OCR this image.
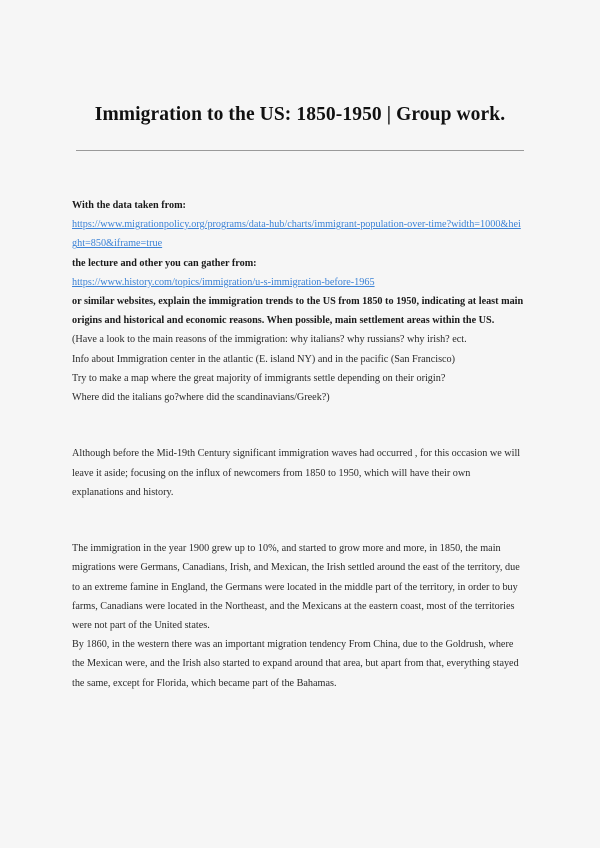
Immigration to the US: 1850-1950 | Group work.

With the data taken from:

https://www.migrationpolicy.org/programs/data-hub/charts/immigrant-population-over-time?width=1000&height=850&iframe=true

the lecture and other you can gather from:

https://www.history.com/topics/immigration/u-s-immigration-before-1965

or similar websites, explain the immigration trends to the US from 1850 to 1950, indicating at least main origins and historical and economic reasons. When possible, main settlement areas within the US.

(Have a look to the main reasons of the immigration: why italians? why russians? why irish? ect.

Info about Immigration center in the atlantic (E. island NY) and in the pacific (San Francisco)

Try to make a map where the great majority of immigrants settle depending on their origin?

Where did the italians go?where did the scandinavians/Greek?)

Although before the Mid-19th Century significant immigration waves had occurred , for this occasion we will leave it aside; focusing on the influx of newcomers from 1850 to 1950, which will have their own explanations and history.

The immigration in the year 1900 grew up to 10%, and started to grow more and more, in 1850, the main migrations were Germans, Canadians, Irish, and Mexican, the Irish settled around the east of the territory, due to an extreme famine in England, the Germans were located in the middle part of the territory, in order to buy farms, Canadians were located in the Northeast, and the Mexicans at the eastern coast, most of the territories were not part of the United states.

By 1860, in the western there was an important migration tendency From China, due to the Goldrush, where the Mexican were, and the Irish also started to expand around that area, but apart from that, everything stayed the same, except for Florida, which became part of the Bahamas.
